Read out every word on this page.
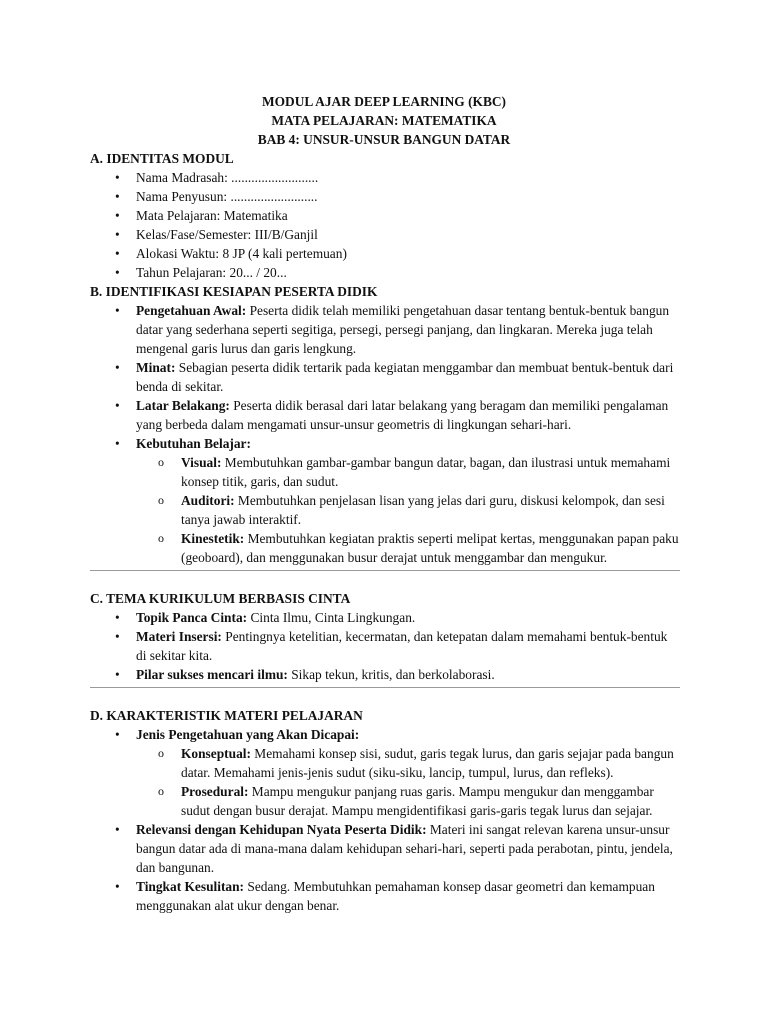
MODUL AJAR DEEP LEARNING (KBC)
MATA PELAJARAN: MATEMATIKA
BAB 4: UNSUR-UNSUR BANGUN DATAR
A. IDENTITAS MODUL
• Nama Madrasah: ..........................
• Nama Penyusun: ..........................
• Mata Pelajaran: Matematika
• Kelas/Fase/Semester: III/B/Ganjil
• Alokasi Waktu: 8 JP (4 kali pertemuan)
• Tahun Pelajaran: 20... / 20...
B. IDENTIFIKASI KESIAPAN PESERTA DIDIK
• Pengetahuan Awal: Peserta didik telah memiliki pengetahuan dasar tentang bentuk-bentuk bangun datar yang sederhana seperti segitiga, persegi, persegi panjang, dan lingkaran. Mereka juga telah mengenal garis lurus dan garis lengkung.
• Minat: Sebagian peserta didik tertarik pada kegiatan menggambar dan membuat bentuk-bentuk dari benda di sekitar.
• Latar Belakang: Peserta didik berasal dari latar belakang yang beragam dan memiliki pengalaman yang berbeda dalam mengamati unsur-unsur geometris di lingkungan sehari-hari.
• Kebutuhan Belajar:
o Visual: Membutuhkan gambar-gambar bangun datar, bagan, dan ilustrasi untuk memahami konsep titik, garis, dan sudut.
o Auditori: Membutuhkan penjelasan lisan yang jelas dari guru, diskusi kelompok, dan sesi tanya jawab interaktif.
o Kinestetik: Membutuhkan kegiatan praktis seperti melipat kertas, menggunakan papan paku (geoboard), dan menggunakan busur derajat untuk menggambar dan mengukur.
C. TEMA KURIKULUM BERBASIS CINTA
• Topik Panca Cinta: Cinta Ilmu, Cinta Lingkungan.
• Materi Insersi: Pentingnya ketelitian, kecermatan, dan ketepatan dalam memahami bentuk-bentuk di sekitar kita.
• Pilar sukses mencari ilmu: Sikap tekun, kritis, dan berkolaborasi.
D. KARAKTERISTIK MATERI PELAJARAN
• Jenis Pengetahuan yang Akan Dicapai:
o Konseptual: Memahami konsep sisi, sudut, garis tegak lurus, dan garis sejajar pada bangun datar. Memahami jenis-jenis sudut (siku-siku, lancip, tumpul, lurus, dan refleks).
o Prosedural: Mampu mengukur panjang ruas garis. Mampu mengukur dan menggambar sudut dengan busur derajat. Mampu mengidentifikasi garis-garis tegak lurus dan sejajar.
• Relevansi dengan Kehidupan Nyata Peserta Didik: Materi ini sangat relevan karena unsur-unsur bangun datar ada di mana-mana dalam kehidupan sehari-hari, seperti pada perabotan, pintu, jendela, dan bangunan.
• Tingkat Kesulitan: Sedang. Membutuhkan pemahaman konsep dasar geometri dan kemampuan menggunakan alat ukur dengan benar.
